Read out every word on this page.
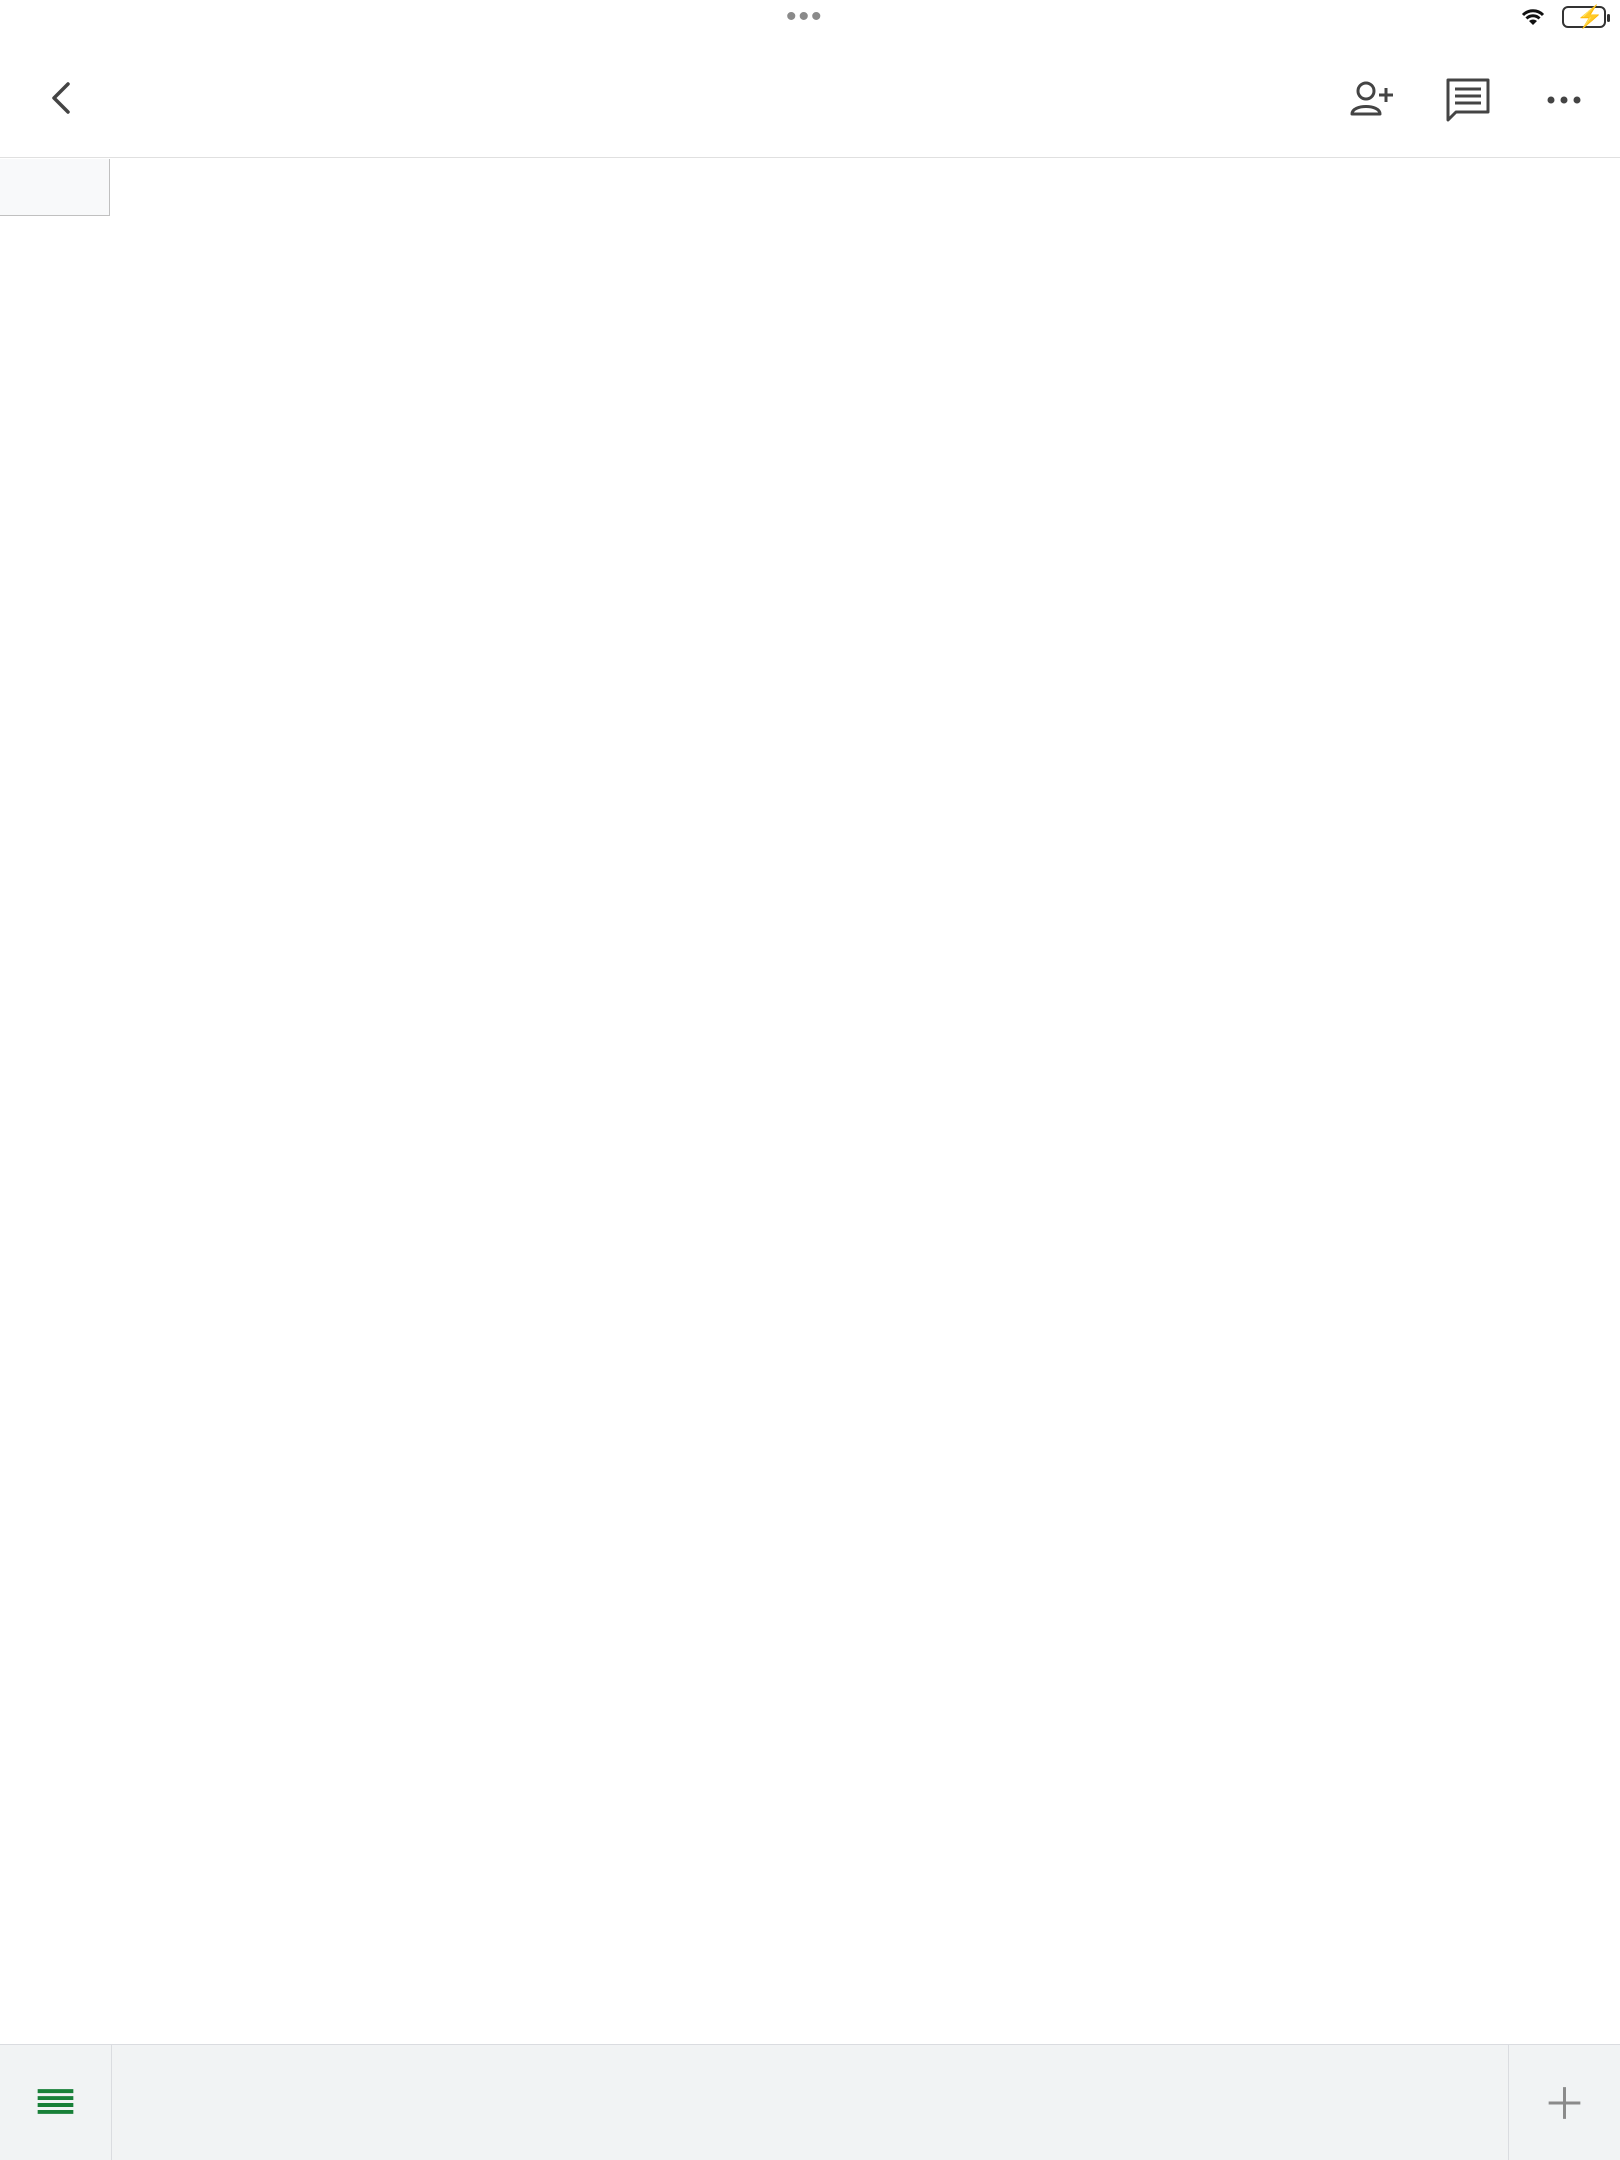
•••	⚡
